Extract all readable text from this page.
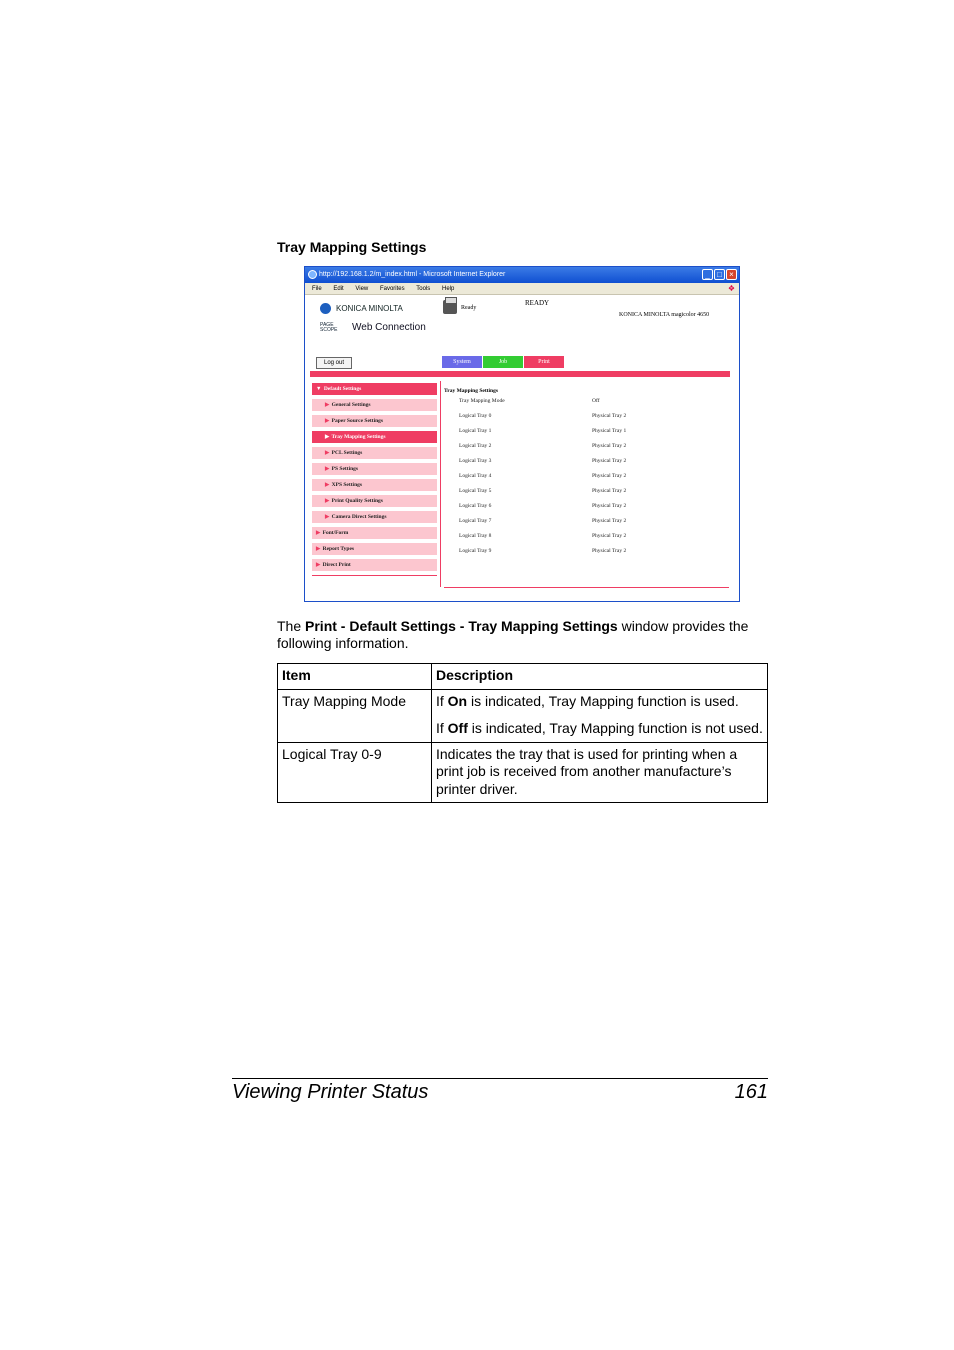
Tray Mapping Settings
http://192.168.1.2/m_index.html - Microsoft Internet Explorer	_ □ ×
File Edit View Favorites Tools Help	❖
KONICA MINOLTA
PAGE SCOPE	Web Connection
Ready
READY
KONICA MINOLTA magicolor 4650
Log out	System	Job	Print
▼ Default Settings
▶ General Settings
▶ Paper Source Settings
▶ Tray Mapping Settings
▶ PCL Settings
▶ PS Settings
▶ XPS Settings
▶ Print Quality Settings
▶ Camera Direct Settings
▶ Font/Form
▶ Report Types
▶ Direct Print
Tray Mapping Settings
Tray Mapping Mode	Off
Logical Tray 0	Physical Tray 2
Logical Tray 1	Physical Tray 1
Logical Tray 2	Physical Tray 2
Logical Tray 3	Physical Tray 2
Logical Tray 4	Physical Tray 2
Logical Tray 5	Physical Tray 2
Logical Tray 6	Physical Tray 2
Logical Tray 7	Physical Tray 2
Logical Tray 8	Physical Tray 2
Logical Tray 9	Physical Tray 2
The Print - Default Settings - Tray Mapping Settings window provides the following information.
Item	Description
Tray Mapping Mode	If On is indicated, Tray Mapping function is used.

If Off is indicated, Tray Mapping function is not used.

Logical Tray 0-9	Indicates the tray that is used for printing when a print job is received from another manufacture’s printer driver.
Viewing Printer Status	161
